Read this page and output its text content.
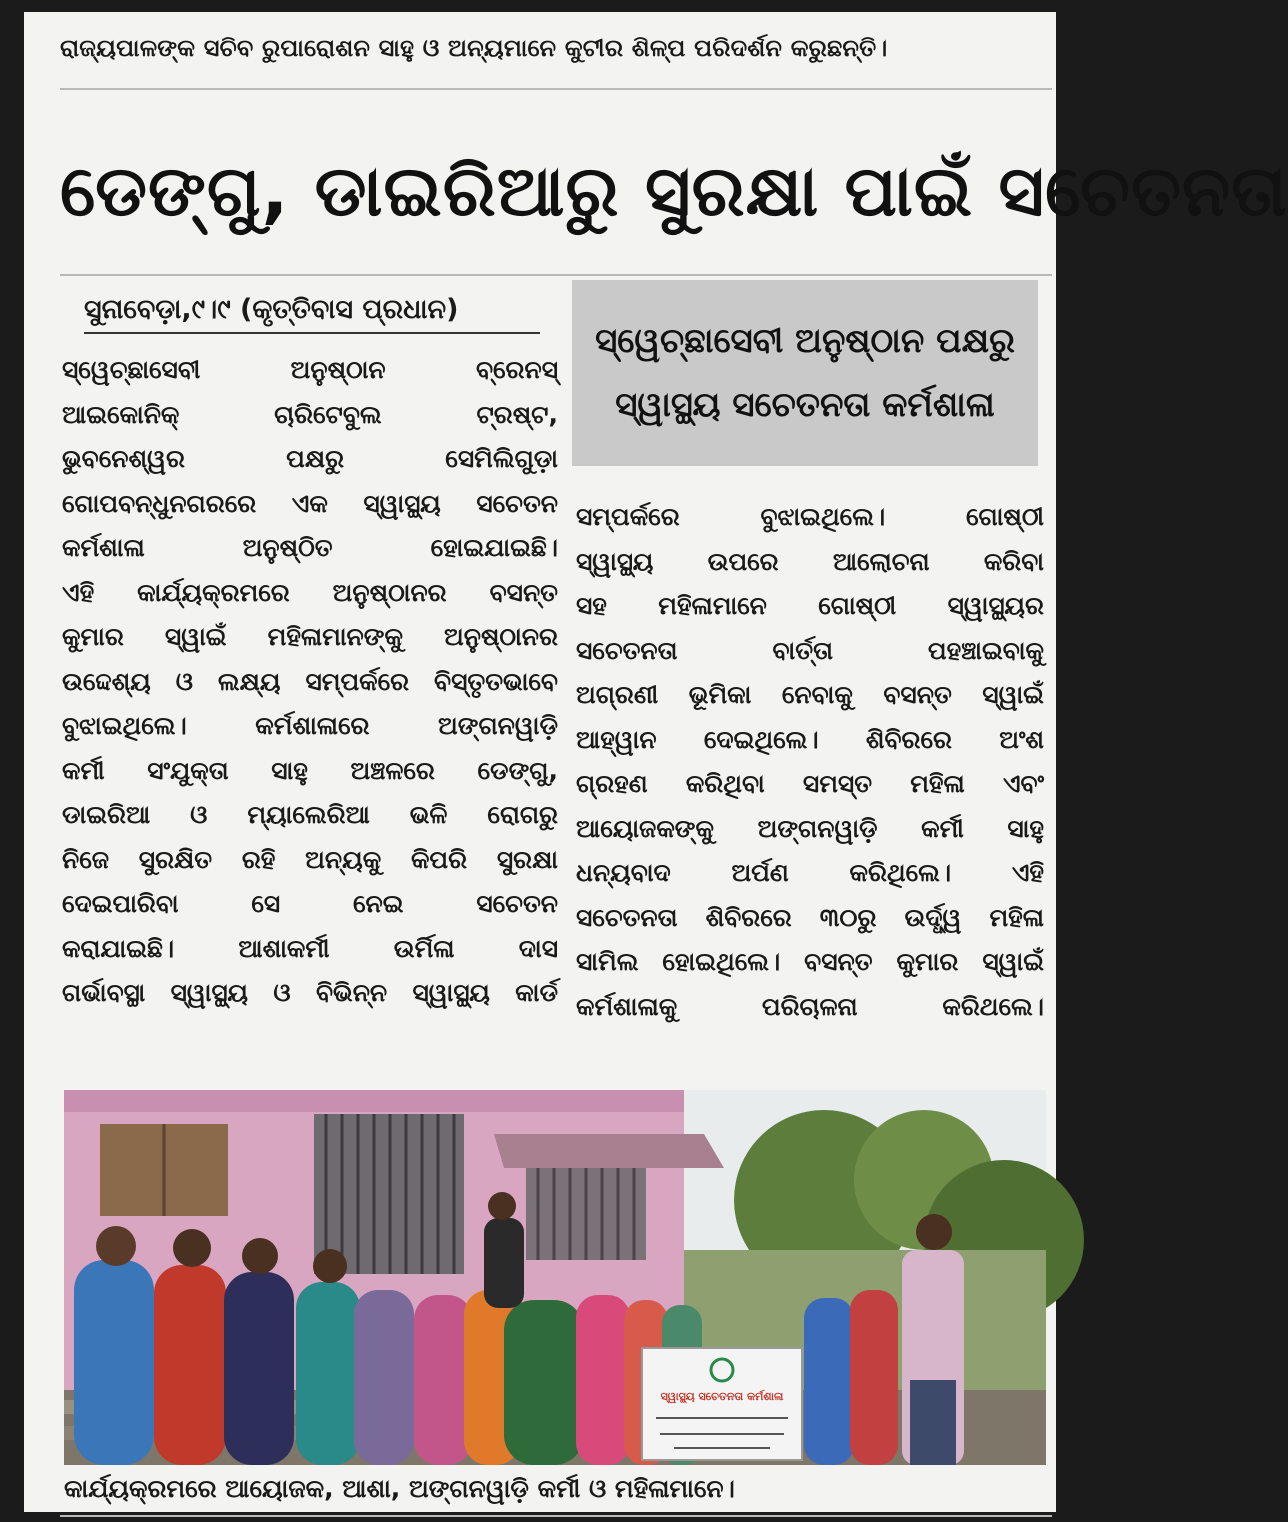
ରାଜ୍ୟପାଳଙ୍କ ସଚିବ ରୁପାରୋଶନ ସାହୁ ଓ ଅନ୍ୟମାନେ କୁଟୀର ଶିଳ୍ପ ପରିଦର୍ଶନ କରୁଛନ୍ତି।
ଡେଙ୍ଗୁ, ଡାଇରିଆରୁ ସୁରକ୍ଷା ପାଇଁ ସଚେତନତା
ସୁନାବେଡ଼ା,୯।୯ (କୃତ୍ତିବାସ ପ୍ରଧାନ)
ସ୍ୱେଚ୍ଛାସେବୀ ଅନୁଷ୍ଠାନ ପକ୍ଷରୁ
ସ୍ୱାସ୍ଥ୍ୟ ସଚେତନତା କର୍ମଶାଳା
ସ୍ୱେଚ୍ଛାସେବୀ ଅନୁଷ୍ଠାନ ବ୍ରେନସ୍
ଆଇକୋନିକ୍ ଚାରିଟେବୁଲ ଟ୍ରଷ୍ଟ,
ଭୁବନେଶ୍ୱର ପକ୍ଷରୁ ସେମିଲିଗୁଡ଼ା
ଗୋପବନ୍ଧୁନଗରରେ ଏକ ସ୍ୱାସ୍ଥ୍ୟ ସଚେତନ
କର୍ମଶାଳା ଅନୁଷ୍ଠିତ ହୋଇଯାଇଛି।
ଏହି କାର୍ଯ୍ୟକ୍ରମରେ ଅନୁଷ୍ଠାନର ବସନ୍ତ
କୁମାର ସ୍ୱାଇଁ ମହିଳାମାନଙ୍କୁ ଅନୁଷ୍ଠାନର
ଉଦ୍ଦେଶ୍ୟ ଓ ଲକ୍ଷ୍ୟ ସମ୍ପର୍କରେ ବିସ୍ତୃତଭାବେ
ବୁଝାଇଥିଲେ। କର୍ମଶାଳାରେ ଅଙ୍ଗନୱାଡ଼ି
କର୍ମୀ ସଂଯୁକ୍ତା ସାହୁ ଅଞ୍ଚଳରେ ଡେଙ୍ଗୁ,
ଡାଇରିଆ ଓ ମ୍ୟାଲେରିଆ ଭଳି ରୋଗରୁ
ନିଜେ ସୁରକ୍ଷିତ ରହି ଅନ୍ୟକୁ କିପରି ସୁରକ୍ଷା
ଦେଇପାରିବା ସେ ନେଇ ସଚେତନ
କରାଯାଇଛି। ଆଶାକର୍ମୀ ଉର୍ମିଳା ଦାସ
ଗର୍ଭାବସ୍ଥା ସ୍ୱାସ୍ଥ୍ୟ ଓ ବିଭିନ୍ନ ସ୍ୱାସ୍ଥ୍ୟ କାର୍ଡ
ସମ୍ପର୍କରେ ବୁଝାଇଥିଲେ। ଗୋଷ୍ଠୀ
ସ୍ୱାସ୍ଥ୍ୟ ଉପରେ ଆଲୋଚନା କରିବା
ସହ ମହିଳାମାନେ ଗୋଷ୍ଠୀ ସ୍ୱାସ୍ଥ୍ୟର
ସଚେତନତା ବାର୍ତ୍ତା ପହଞ୍ଚାଇବାକୁ
ଅଗ୍ରଣୀ ଭୂମିକା ନେବାକୁ ବସନ୍ତ ସ୍ୱାଇଁ
ଆହ୍ୱାନ ଦେଇଥିଲେ। ଶିବିରରେ ଅଂଶ
ଗ୍ରହଣ କରିଥିବା ସମସ୍ତ ମହିଳା ଏବଂ
ଆୟୋଜକଙ୍କୁ ଅଙ୍ଗନୱାଡ଼ି କର୍ମୀ ସାହୁ
ଧନ୍ୟବାଦ ଅର୍ପଣ କରିଥିଲେ। ଏହି
ସଚେତନତା ଶିବିରରେ ୩୦ରୁ ଉର୍ଦ୍ଧ୍ୱ ମହିଳା
ସାମିଲ ହୋଇଥିଲେ। ବସନ୍ତ କୁମାର ସ୍ୱାଇଁ
କର୍ମଶାଳାକୁ ପରିଚାଳନା କରିଥଲେ।
ସ୍ୱାସ୍ଥ୍ୟ ସଚେତନତା କର୍ମଶାଳା
କାର୍ଯ୍ୟକ୍ରମରେ ଆୟୋଜକ, ଆଶା, ଅଙ୍ଗନୱାଡ଼ି କର୍ମୀ ଓ ମହିଳାମାନେ।
